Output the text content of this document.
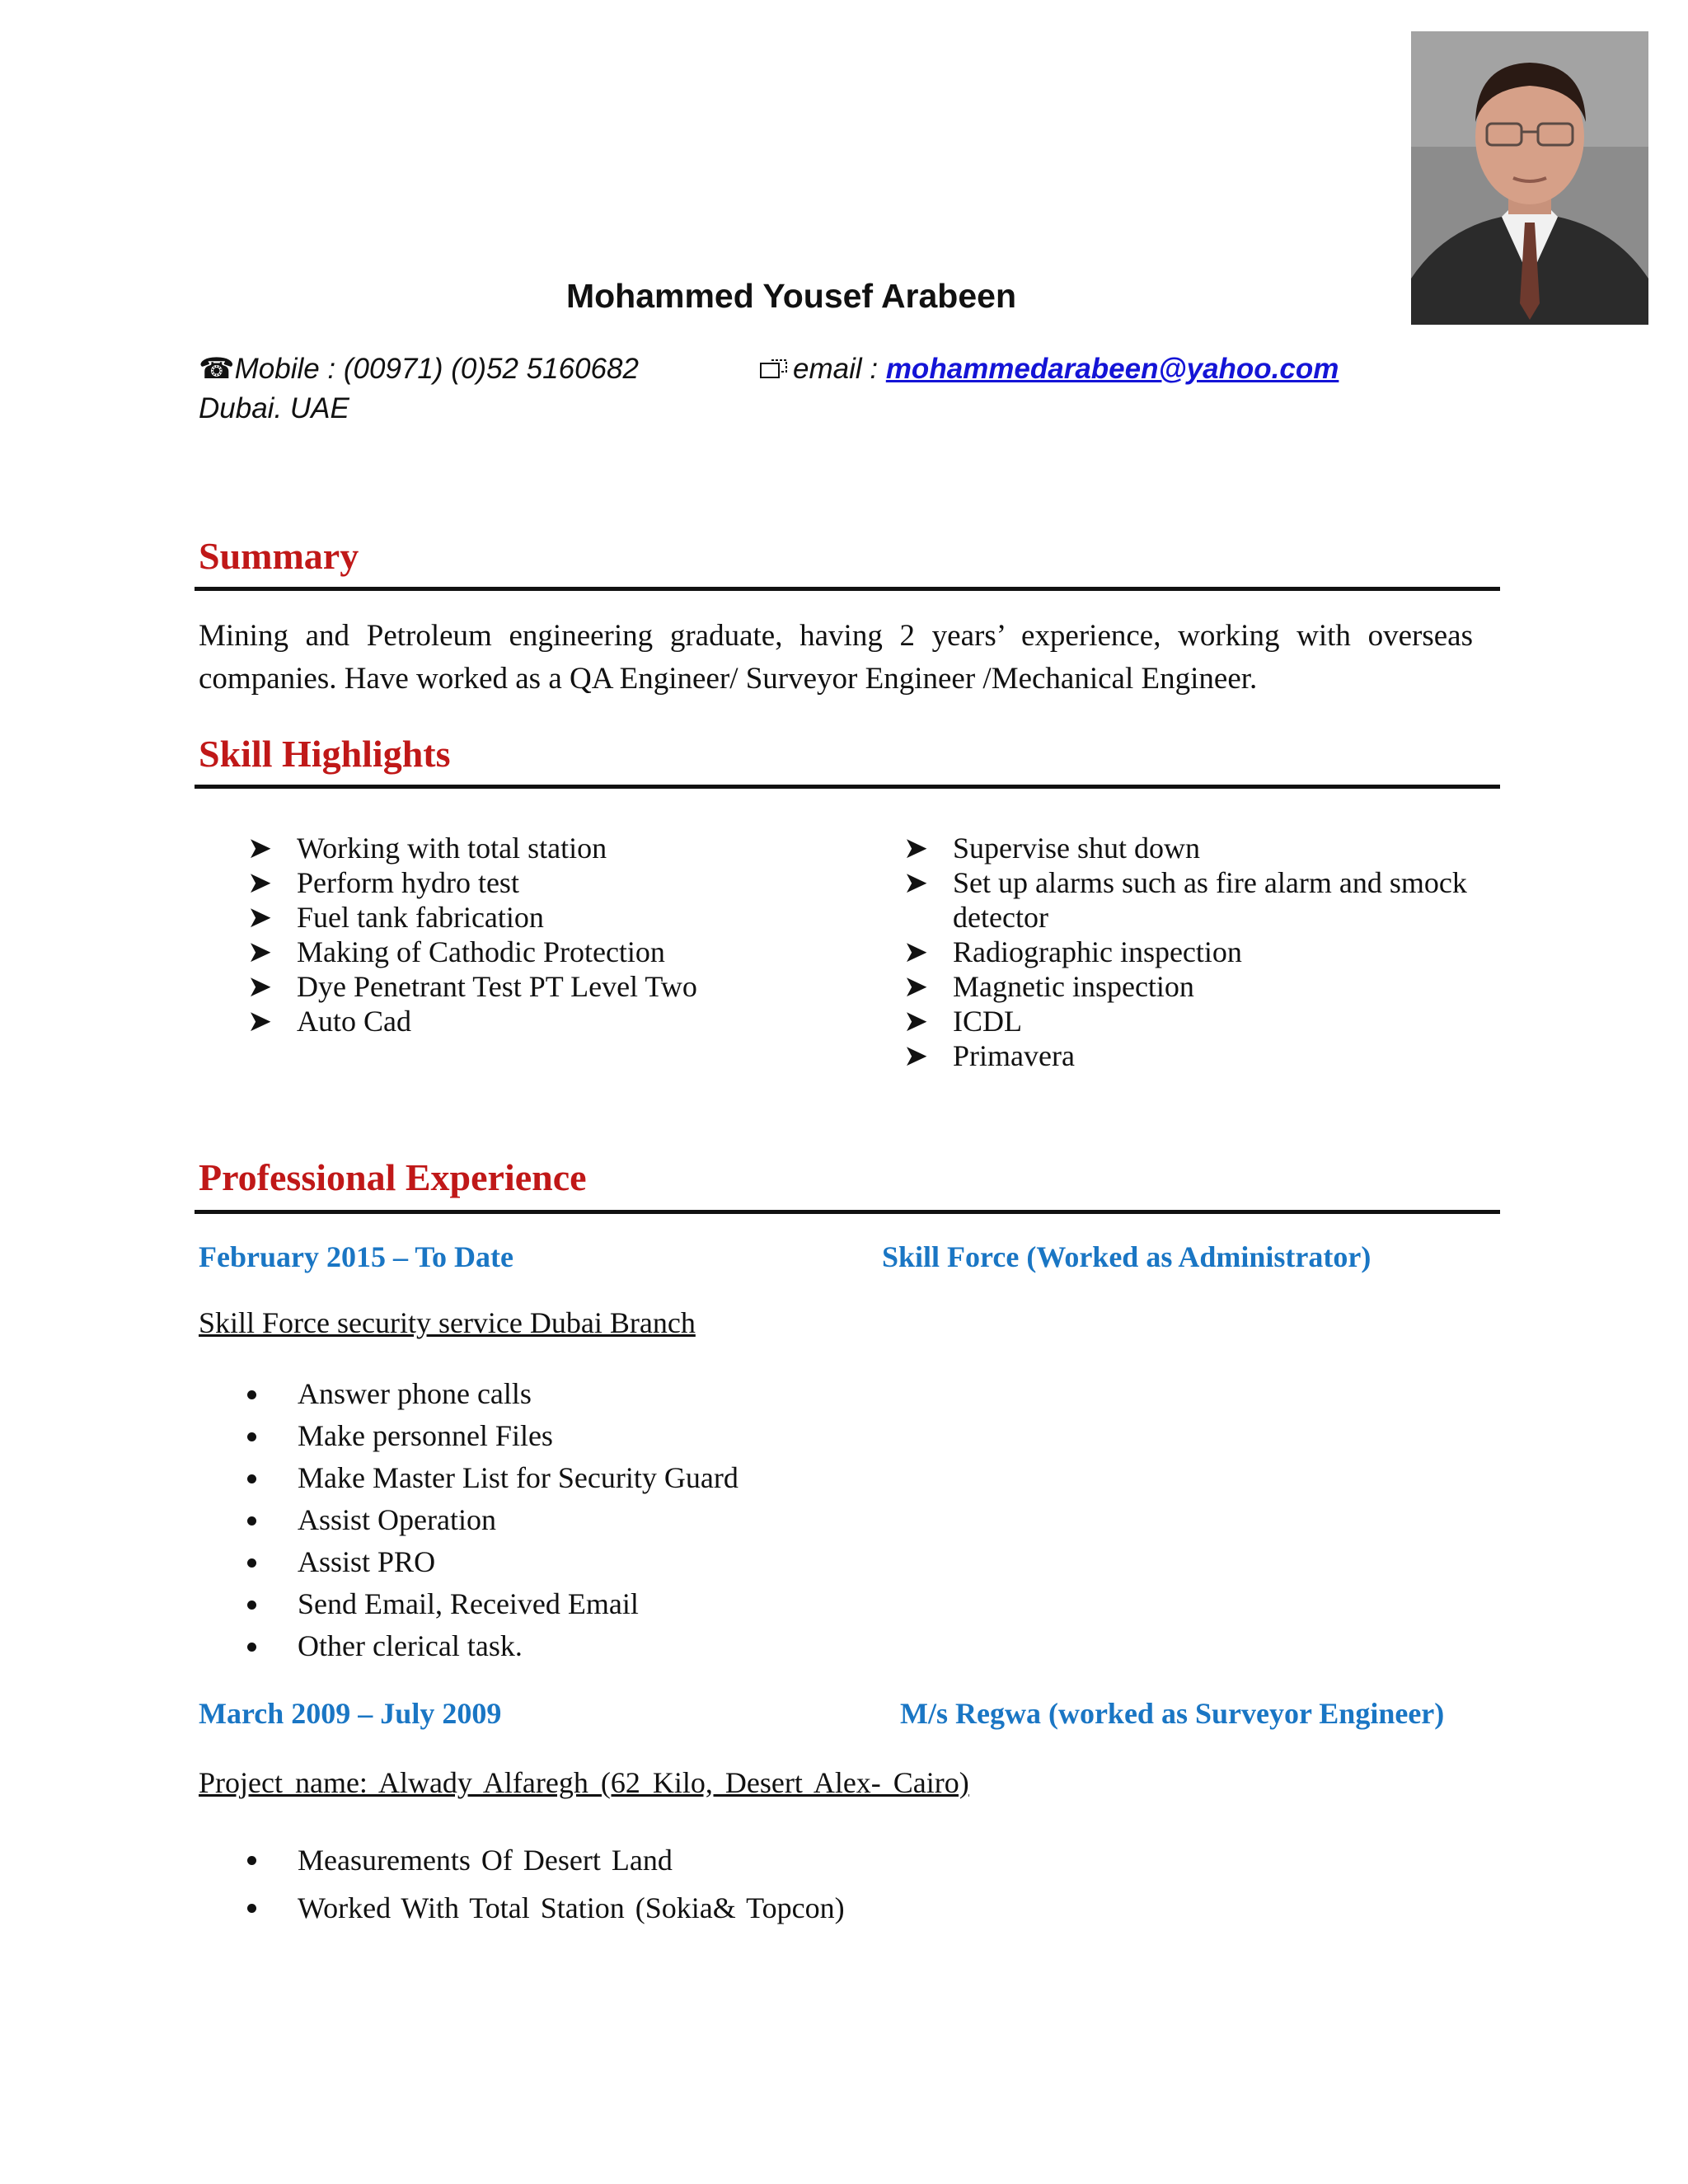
Mohammed Yousef Arabeen
☎Mobile : (00971) (0)52 5160682	email : mohammedarabeen@yahoo.com
Dubai. UAE
Summary
Mining and Petroleum engineering graduate, having 2 years’ experience, working with overseas companies. Have worked as a QA Engineer/ Surveyor Engineer /Mechanical Engineer.
Skill Highlights
➤ Working with total station
➤ Perform hydro test
➤ Fuel tank fabrication
➤ Making of Cathodic Protection
➤ Dye Penetrant Test PT Level Two
➤ Auto Cad
➤ Supervise shut down
➤ Set up alarms such as fire alarm and smock detector
➤ Radiographic inspection
➤ Magnetic inspection
➤ ICDL
➤ Primavera
Professional Experience
February 2015 – To Date	Skill Force (Worked as Administrator)
Skill Force security service Dubai Branch
Answer phone calls
Make personnel Files
Make Master List for Security Guard
Assist Operation
Assist PRO
Send Email, Received Email
Other clerical task.
March 2009 – July 2009	M/s Regwa (worked as Surveyor Engineer)
Project name: Alwady Alfaregh (62 Kilo, Desert Alex- Cairo)
Measurements Of Desert Land
Worked With Total Station (Sokia& Topcon)
